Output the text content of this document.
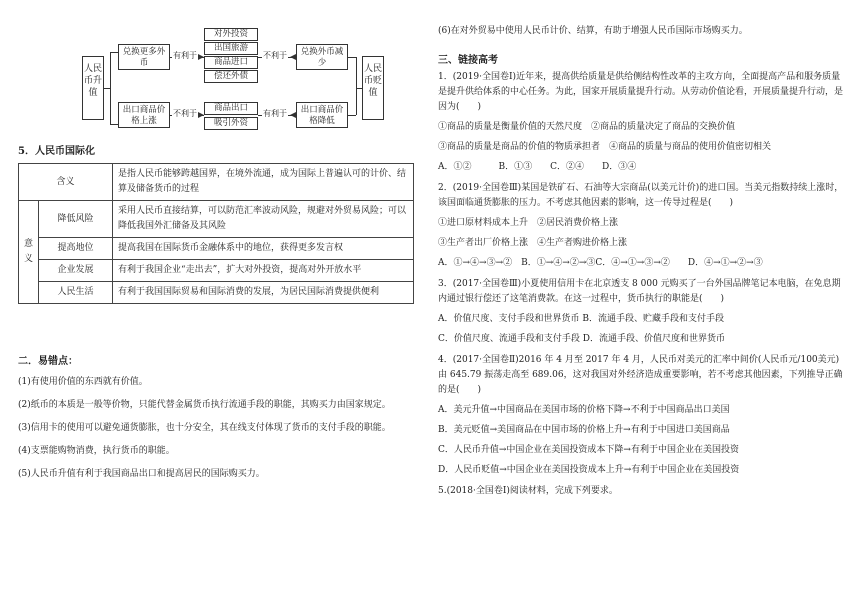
人民币升值
兑换更多外币
有利于
对外投资
出国旅游
商品进口
偿还外债
不利于	兑换外币减少
出口商品价格上涨
不利于
商品出口
吸引外资
有利于	出口商品价格降低
人民币贬值
5．人民币国际化
含义		是指人民币能够跨越国界，在境外流通，成为国际上普遍认可的计价、结算及储备货币的过程
意义	降低风险	采用人民币直接结算，可以防范汇率波动风险，规避对外贸易风险；可以降低我国外汇储备及其风险
	提高地位	提高我国在国际货币金融体系中的地位，获得更多发言权
	企业发展	有利于我国企业“走出去”，扩大对外投资，提高对外开放水平
	人民生活	有利于我国国际贸易和国际消费的发展，为居民国际消费提供便利
二．易错点：
(1)有使用价值的东西就有价值。
(2)纸币的本质是一般等价物，只能代替金属货币执行流通手段的职能，其购买力由国家规定。
(3)信用卡的使用可以避免通货膨胀，也十分安全，其在线支付体现了货币的支付手段的职能。
(4)支票能购物消费，执行货币的职能。
(5)人民币升值有利于我国商品出口和提高居民的国际购买力。
(6)在对外贸易中使用人民币计价、结算，有助于增强人民币国际市场购买力。
三、链接高考
1．(2019·全国卷Ⅰ)近年来，提高供给质量是供给侧结构性改革的主攻方向，全面提高产品和服务质量是提升供给体系的中心任务。为此，国家开展质量提升行动。从劳动价值论看，开展质量提升行动，是因为(　　)
①商品的质量是衡量价值的天然尺度　②商品的质量决定了商品的交换价值
③商品的质量是商品的价值的物质承担者　④商品的质量与商品的使用价值密切相关
A．①②　　　B．①③　　C．②④　　D．③④
2．(2019·全国卷Ⅲ)某国是铁矿石、石油等大宗商品(以美元计价)的进口国。当美元指数持续上涨时，该国面临通货膨胀的压力。不考虑其他因素的影响，这一传导过程是(　　)
①进口原材料成本上升　②居民消费价格上涨
③生产者出厂价格上涨　④生产者购进价格上涨
A．①→④→③→②　B．①→④→②→③C．④→①→③→②　　D．④→①→②→③
3．(2017·全国卷Ⅲ)小夏使用信用卡在北京透支 8 000 元购买了一台外国品牌笔记本电脑，在免息期内通过银行偿还了这笔消费款。在这一过程中，货币执行的职能是(　　)
A．价值尺度、支付手段和世界货币 B．流通手段、贮藏手段和支付手段
C．价值尺度、流通手段和支付手段 D．流通手段、价值尺度和世界货币
4．(2017·全国卷Ⅱ)2016 年 4 月至 2017 年 4 月，人民币对美元的汇率中间价(人民币元/100美元)由 645.79 振荡走高至 689.06，这对我国对外经济造成重要影响，若不考虑其他因素，下列推导正确的是(　　)
A．美元升值→中国商品在美国市场的价格下降→不利于中国商品出口美国
B．美元贬值→美国商品在中国市场的价格上升→有利于中国进口美国商品
C．人民币升值→中国企业在美国投资成本下降→有利于中国企业在美国投资
D．人民币贬值→中国企业在美国投资成本上升→有利于中国企业在美国投资
5.(2018·全国卷Ⅰ)阅读材料，完成下列要求。
